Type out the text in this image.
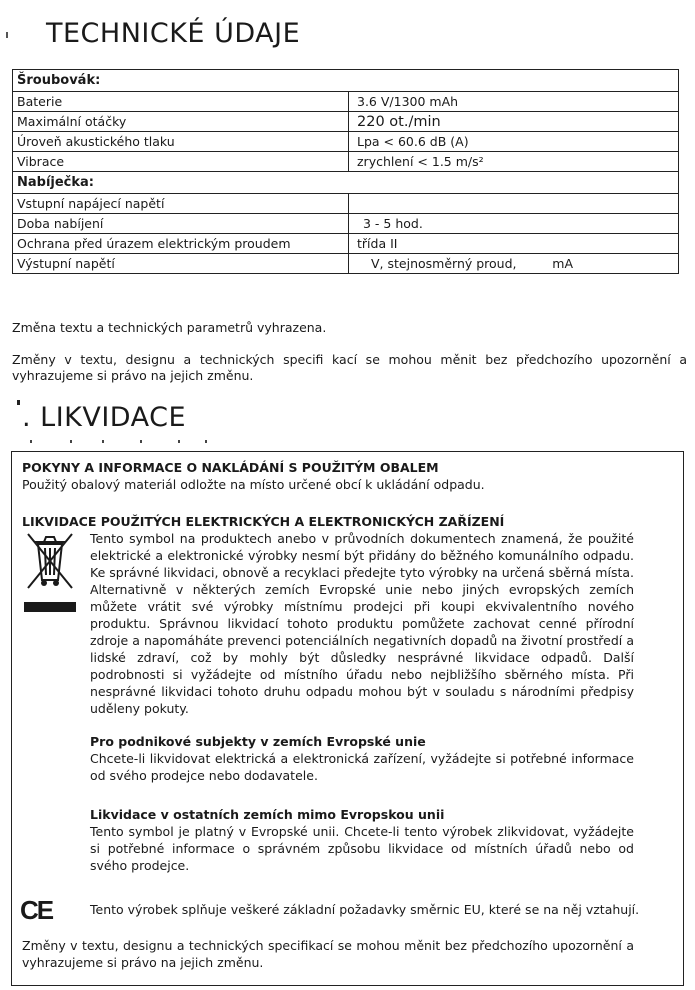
TECHNICKÉ ÚDAJE
Šroubovák:	
Baterie	3.6 V/1300 mAh
Maximální otáčky	220 ot./min
Úroveň akustického tlaku	Lpa < 60.6 dB (A)
Vibrace	zrychlení < 1.5 m/s²
Nabíječka:	
Vstupní napájecí napětí	
Doba nabíjení	3 - 5 hod.
Ochrana před úrazem elektrickým proudem	třída II
Výstupní napětí	V, stejnosměrný proud,         mA
Změna textu a technických parametrů vyhrazena.
Změny v textu, designu a technických specifi kací se mohou měnit bez předchozího upozornění a vyhrazujeme si právo na jejich změnu.
. LIKVIDACE
POKYNY A INFORMACE O NAKLÁDÁNÍ S POUŽITÝM OBALEM
Použitý obalový materiál odložte na místo určené obcí k ukládání odpadu.
LIKVIDACE POUŽITÝCH ELEKTRICKÝCH A ELEKTRONICKÝCH ZAŘÍZENÍ
Tento symbol na produktech anebo v průvodních dokumentech znamená, že použité elektrické a elektronické výrobky nesmí být přidány do běžného komunálního odpadu. Ke správné likvidaci, obnově a recyklaci předejte tyto výrobky na určená sběrná místa. Alternativně v některých zemích Evropské unie nebo jiných evropských zemích můžete vrátit své výrobky místnímu prodejci při koupi ekvivalentního nového produktu. Správnou likvidací tohoto produktu pomůžete zachovat cenné přírodní zdroje a napomáháte prevenci potenciálních negativních dopadů na životní prostředí a lidské zdraví, což by mohly být důsledky nesprávné likvidace odpadů. Další podrobnosti si vyžádejte od místního úřadu nebo nejbližšího sběrného místa. Při nesprávné likvidaci tohoto druhu odpadu mohou být v souladu s národními předpisy uděleny pokuty.
Pro podnikové subjekty v zemích Evropské unie
Chcete-li likvidovat elektrická a elektronická zařízení, vyžádejte si potřebné informace od svého prodejce nebo dodavatele.
Likvidace v ostatních zemích mimo Evropskou unii
Tento symbol je platný v Evropské unii. Chcete-li tento výrobek zlikvidovat, vyžádejte si potřebné informace o správném způsobu likvidace od místních úřadů nebo od svého prodejce.
CE	Tento výrobek splňuje veškeré základní požadavky směrnic EU, které se na něj vztahují.
Změny v textu, designu a technických specifikací se mohou měnit bez předchozího upozornění a vyhrazujeme si právo na jejich změnu.
